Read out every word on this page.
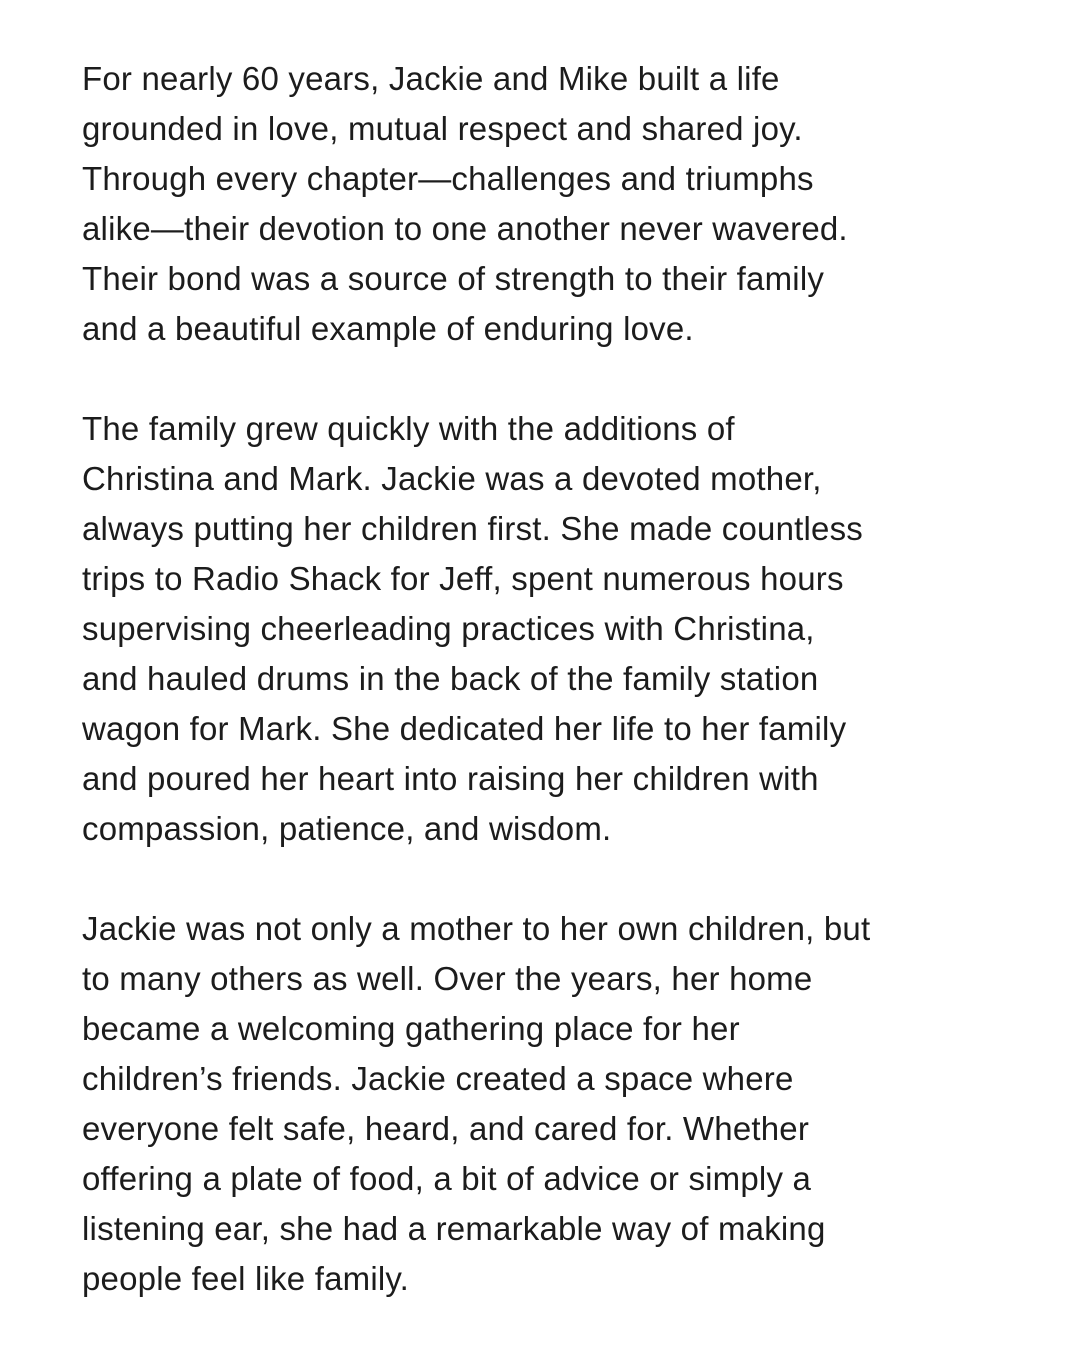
For nearly 60 years, Jackie and Mike built a life
grounded in love, mutual respect and shared joy.
Through every chapter—challenges and triumphs
alike—their devotion to one another never wavered.
Their bond was a source of strength to their family
and a beautiful example of enduring love.

The family grew quickly with the additions of
Christina and Mark. Jackie was a devoted mother,
always putting her children first. She made countless
trips to Radio Shack for Jeff, spent numerous hours
supervising cheerleading practices with Christina,
and hauled drums in the back of the family station
wagon for Mark. She dedicated her life to her family
and poured her heart into raising her children with
compassion, patience, and wisdom.

Jackie was not only a mother to her own children, but
to many others as well. Over the years, her home
became a welcoming gathering place for her
children’s friends. Jackie created a space where
everyone felt safe, heard, and cared for. Whether
offering a plate of food, a bit of advice or simply a
listening ear, she had a remarkable way of making
people feel like family.
